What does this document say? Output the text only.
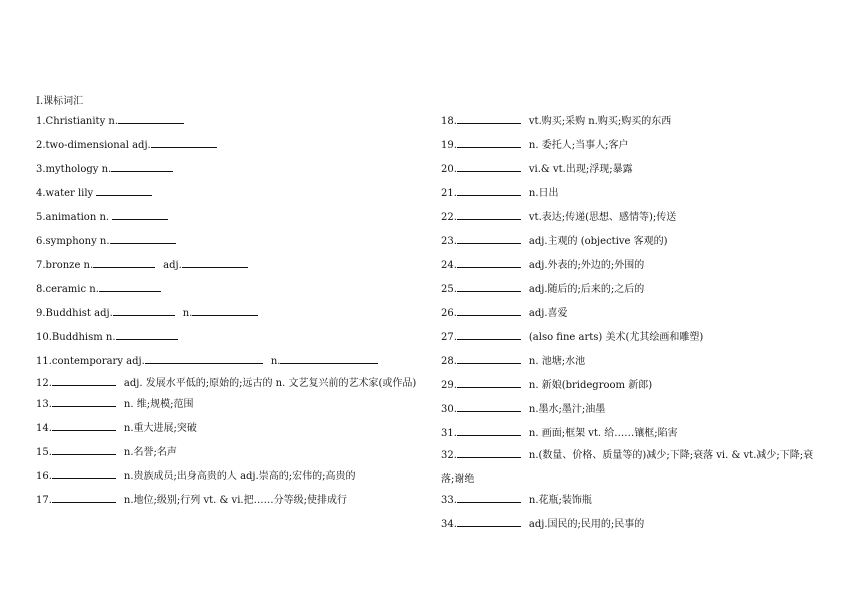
Ⅰ.课标词汇
1.Christianity n.
2.two-dimensional adj.
3.mythology n.
4.water lily
5.animation n.
6.symphony n.
7.bronze n.	adj.
8.ceramic n.
9.Buddhist adj.	n.
10.Buddhism n.
11.contemporary adj.	n.
12.	adj. 发展水平低的;原始的;远古的 n. 文艺复兴前的艺术家(或作品)
13.	n. 维;规模;范围
14.	n.重大进展;突破
15.	n.名誉;名声
16.	n.贵族成员;出身高贵的人 adj.崇高的;宏伟的;高贵的
17.	n.地位;级别;行列 vt. & vi.把……分等级;使排成行
18.	vt.购买;采购 n.购买;购买的东西
19.	n. 委托人;当事人;客户
20.	vi.& vt.出现;浮现;暴露
21.	n.日出
22.	vt.表达;传递(思想、感情等);传送
23.	adj.主观的 (objective 客观的)
24.	adj.外表的;外边的;外围的
25.	adj.随后的;后来的;之后的
26.	adj.喜爱
27.	(also fine arts) 美术(尤其绘画和雕塑)
28.	n. 池塘;水池
29.	n. 新娘(bridegroom 新郎)
30.	n.墨水;墨汁;油墨
31.	n. 画面;框架 vt. 给……镶框;陷害
32.	n.(数量、价格、质量等的)减少;下降;衰落 vi. & vt.减少;下降;衰落;谢绝
33.	n.花瓶;装饰瓶
34.	adj.国民的;民用的;民事的
